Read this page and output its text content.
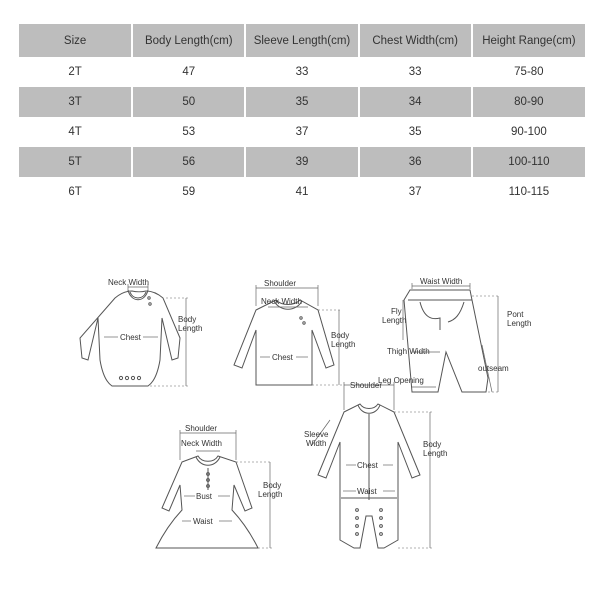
Size	Body Length(cm)	Sleeve Length(cm)	Chest Width(cm)	Height Range(cm)

2T	47	33	33	75-80
3T	50	35	34	80-90
4T	53	37	35	90-100
5T	56	39	36	100-110
6T	59	41	37	110-115
Neck Width
Chest
Body
Length
Shoulder
Neck Width
Chest
Body
Length
Waist Width
Fly
Length
Pont
Length
Thigh Width
outseam
Leg Opening
Shoulder
Neck Width
Bust
Waist
Body
Length
Shoulder
Sleeve
Width
Chest
Waist
Body
Length
